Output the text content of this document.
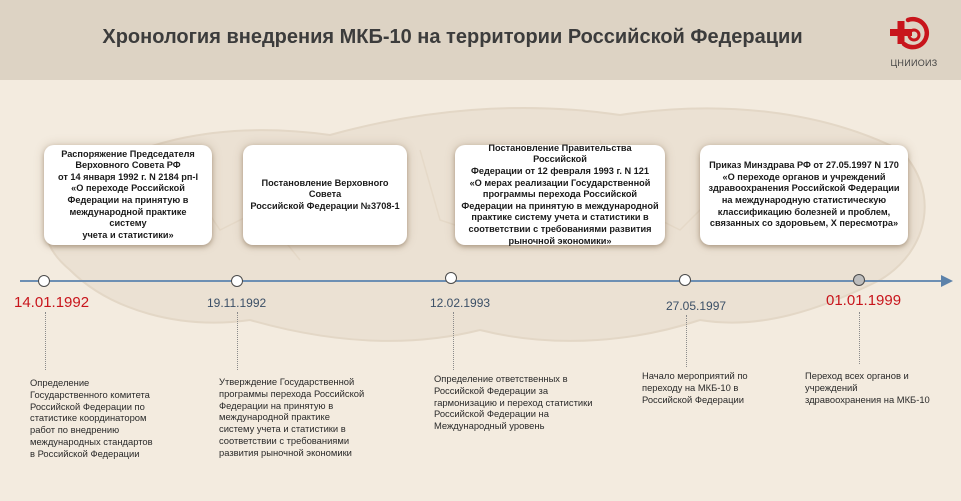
Хронология внедрения МКБ-10 на территории Российской Федерации
ЦНИИОИЗ
Распоряжение Председателя
Верховного Совета РФ
от 14 января 1992 г. N 2184 рп-I
«О переходе Российской
Федерации на принятую в
международной практике систему
учета и статистики»
Постановление Верховного Совета
Российской Федерации №3708-1
Постановление Правительства Российской
Федерации от 12 февраля 1993 г. N 121
«О мерах реализации Государственной
программы перехода Российской
Федерации на принятую в международной
практике систему учета и статистики в
соответствии с требованиями развития
рыночной экономики»
Приказ Минздрава РФ от 27.05.1997 N 170
«О переходе органов и учреждений
здравоохранения Российской Федерации
на международную статистическую
классификацию болезней и проблем,
связанных со здоровьем, X пересмотра»
14.01.1992	19.11.1992	12.02.1993	27.05.1997	01.01.1999
Определение
Государственного комитета
Российской Федерации по
статистике координатором
работ по внедрению
международных стандартов
в Российской Федерации
Утверждение Государственной
программы перехода Российской
Федерации на принятую в
международной практике
систему учета и статистики в
соответствии с требованиями
развития рыночной экономики
Определение ответственных в
Российской Федерации за
гармонизацию и переход статистики
Российской Федерации на
Международный уровень
Начало мероприятий по
переходу на МКБ-10 в
Российской Федерации
Переход всех органов и
учреждений
здравоохранения на МКБ-10
